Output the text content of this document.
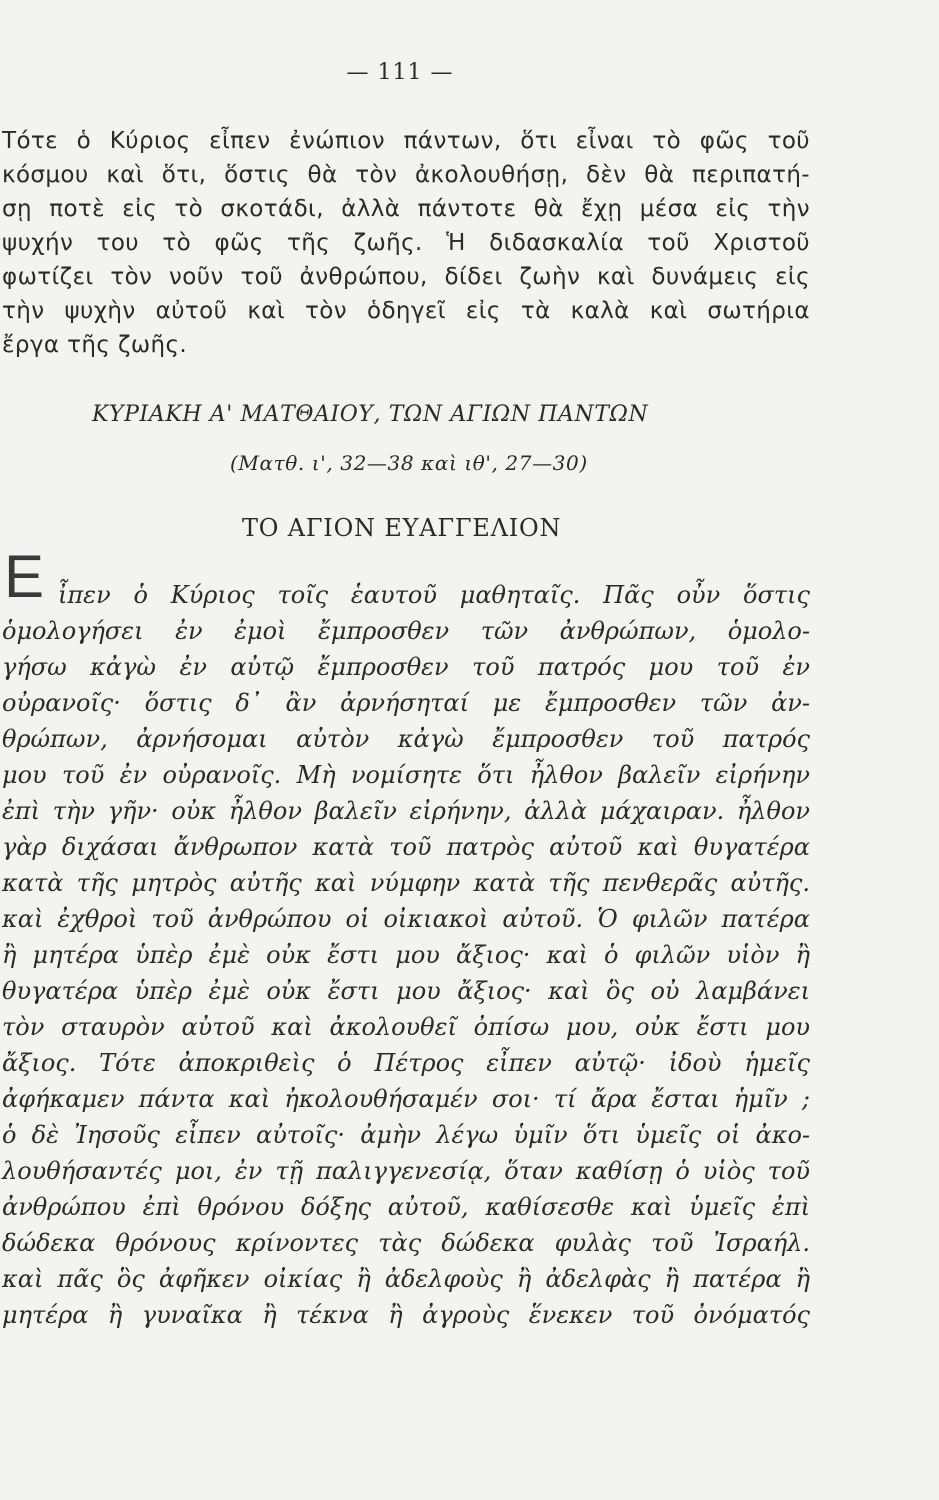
— 111 —
Τότε ὁ Κύριος εἶπεν ἐνώπιον πάντων, ὅτι εἶναι τὸ φῶς τοῦ
κόσμου καὶ ὅτι, ὅστις θὰ τὸν ἀκολουθήσῃ, δὲν θὰ περιπατή-
σῃ ποτὲ εἰς τὸ σκοτάδι, ἀλλὰ πάντοτε θὰ ἔχῃ μέσα εἰς τὴν
ψυχήν του τὸ φῶς τῆς ζωῆς. Ἡ διδασκαλία τοῦ Χριστοῦ
φωτίζει τὸν νοῦν τοῦ ἀνθρώπου, δίδει ζωὴν καὶ δυνάμεις εἰς
τὴν ψυχὴν αὐτοῦ καὶ τὸν ὁδηγεῖ εἰς τὰ καλὰ καὶ σωτήρια
ἔργα τῆς ζωῆς.
ΚΥΡΙΑΚΗ Α' ΜΑΤΘΑΙΟΥ, ΤΩΝ ΑΓΙΩΝ ΠΑΝΤΩΝ
(Ματθ. ι', 32—38 καὶ ιθ', 27—30)
ΤΟ ΑΓΙΟΝ ΕΥΑΓΓΕΛΙΟΝ
Ε ἶπεν ὁ Κύριος τοῖς ἑαυτοῦ μαθηταῖς. Πᾶς οὖν ὅστις
ὁμολογήσει ἐν ἐμοὶ ἔμπροσθεν τῶν ἀνθρώπων, ὁμολο-
γήσω κἀγὼ ἐν αὐτῷ ἔμπροσθεν τοῦ πατρός μου τοῦ ἐν
οὐρανοῖς· ὅστις δ᾽ ἂν ἀρνήσηταί με ἔμπροσθεν τῶν ἀν-
θρώπων, ἀρνήσομαι αὐτὸν κἀγὼ ἔμπροσθεν τοῦ πατρός
μου τοῦ ἐν οὐρανοῖς. Μὴ νομίσητε ὅτι ἦλθον βαλεῖν εἰρήνην
ἐπὶ τὴν γῆν· οὐκ ἦλθον βαλεῖν εἰρήνην, ἀλλὰ μάχαιραν. ἦλθον
γὰρ διχάσαι ἄνθρωπον κατὰ τοῦ πατρὸς αὐτοῦ καὶ θυγατέρα
κατὰ τῆς μητρὸς αὐτῆς καὶ νύμφην κατὰ τῆς πενθερᾶς αὐτῆς.
καὶ ἐχθροὶ τοῦ ἀνθρώπου οἱ οἰκιακοὶ αὐτοῦ. Ὁ φιλῶν πατέρα
ἢ μητέρα ὑπὲρ ἐμὲ οὐκ ἔστι μου ἄξιος· καὶ ὁ φιλῶν υἱὸν ἢ
θυγατέρα ὑπὲρ ἐμὲ οὐκ ἔστι μου ἄξιος· καὶ ὃς οὐ λαμβάνει
τὸν σταυρὸν αὐτοῦ καὶ ἀκολουθεῖ ὀπίσω μου, οὐκ ἔστι μου
ἄξιος. Τότε ἀποκριθεὶς ὁ Πέτρος εἶπεν αὐτῷ· ἰδοὺ ἡμεῖς
ἀφήκαμεν πάντα καὶ ἠκολουθήσαμέν σοι· τί ἄρα ἔσται ἡμῖν ;
ὁ δὲ Ἰησοῦς εἶπεν αὐτοῖς· ἀμὴν λέγω ὑμῖν ὅτι ὑμεῖς οἱ ἀκο-
λουθήσαντές μοι, ἐν τῇ παλιγγενεσίᾳ, ὅταν καθίσῃ ὁ υἱὸς τοῦ
ἀνθρώπου ἐπὶ θρόνου δόξης αὐτοῦ, καθίσεσθε καὶ ὑμεῖς ἐπὶ
δώδεκα θρόνους κρίνοντες τὰς δώδεκα φυλὰς τοῦ Ἰσραήλ.
καὶ πᾶς ὃς ἀφῆκεν οἰκίας ἢ ἀδελφοὺς ἢ ἀδελφὰς ἢ πατέρα ἢ
μητέρα ἢ γυναῖκα ἢ τέκνα ἢ ἀγροὺς ἕνεκεν τοῦ ὀνόματός
